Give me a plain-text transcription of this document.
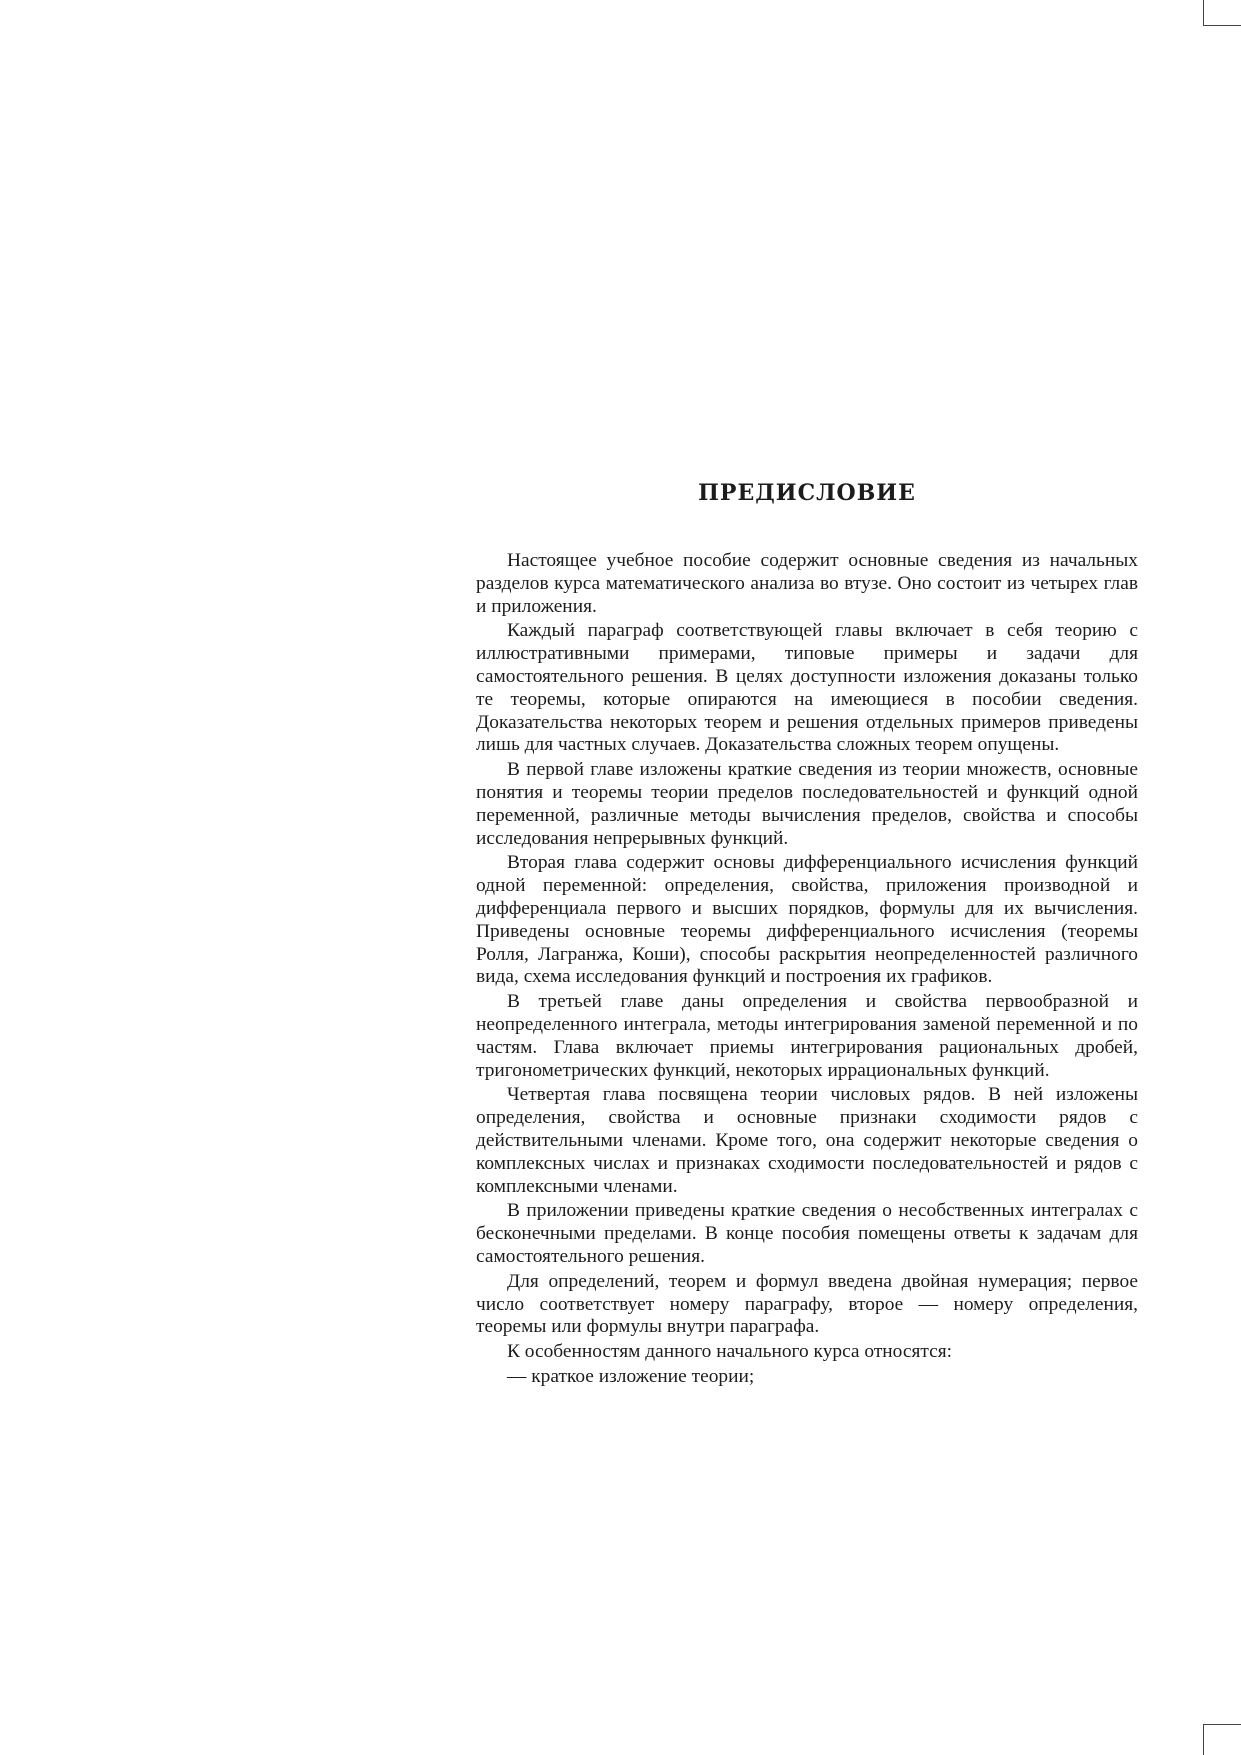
ПРЕДИСЛОВИЕ

Настоящее учебное пособие содержит основные сведения из начальных разделов курса математического анализа во втузе. Оно состоит из четырех глав и приложения.

Каждый параграф соответствующей главы включает в себя теорию с иллюстративными примерами, типовые примеры и задачи для самостоятельного решения. В целях доступности изложения доказаны только те теоремы, которые опираются на имеющиеся в пособии сведения. Доказательства некоторых теорем и решения отдельных примеров приведены лишь для частных случаев. Доказательства сложных теорем опущены.

В первой главе изложены краткие сведения из теории множеств, основные понятия и теоремы теории пределов последовательностей и функций одной переменной, различные методы вычисления пределов, свойства и способы исследования непрерывных функций.

Вторая глава содержит основы дифференциального исчисления функций одной переменной: определения, свойства, приложения производной и дифференциала первого и высших порядков, формулы для их вычисления. Приведены основные теоремы дифференциального исчисления (теоремы Ролля, Лагранжа, Коши), способы раскрытия неопределенностей различного вида, схема исследования функций и построения их графиков.

В третьей главе даны определения и свойства первообразной и неопределенного интеграла, методы интегрирования заменой переменной и по частям. Глава включает приемы интегрирования рациональных дробей, тригонометрических функций, некоторых иррациональных функций.

Четвертая глава посвящена теории числовых рядов. В ней изложены определения, свойства и основные признаки сходимости рядов с действительными членами. Кроме того, она содержит некоторые сведения о комплексных числах и признаках сходимости последовательностей и рядов с комплексными членами.

В приложении приведены краткие сведения о несобственных интегралах с бесконечными пределами. В конце пособия помещены ответы к задачам для самостоятельного решения.

Для определений, теорем и формул введена двойная нумерация; первое число соответствует номеру параграфу, второе — номеру определения, теоремы или формулы внутри параграфа.

К особенностям данного начального курса относятся:

— краткое изложение теории;
